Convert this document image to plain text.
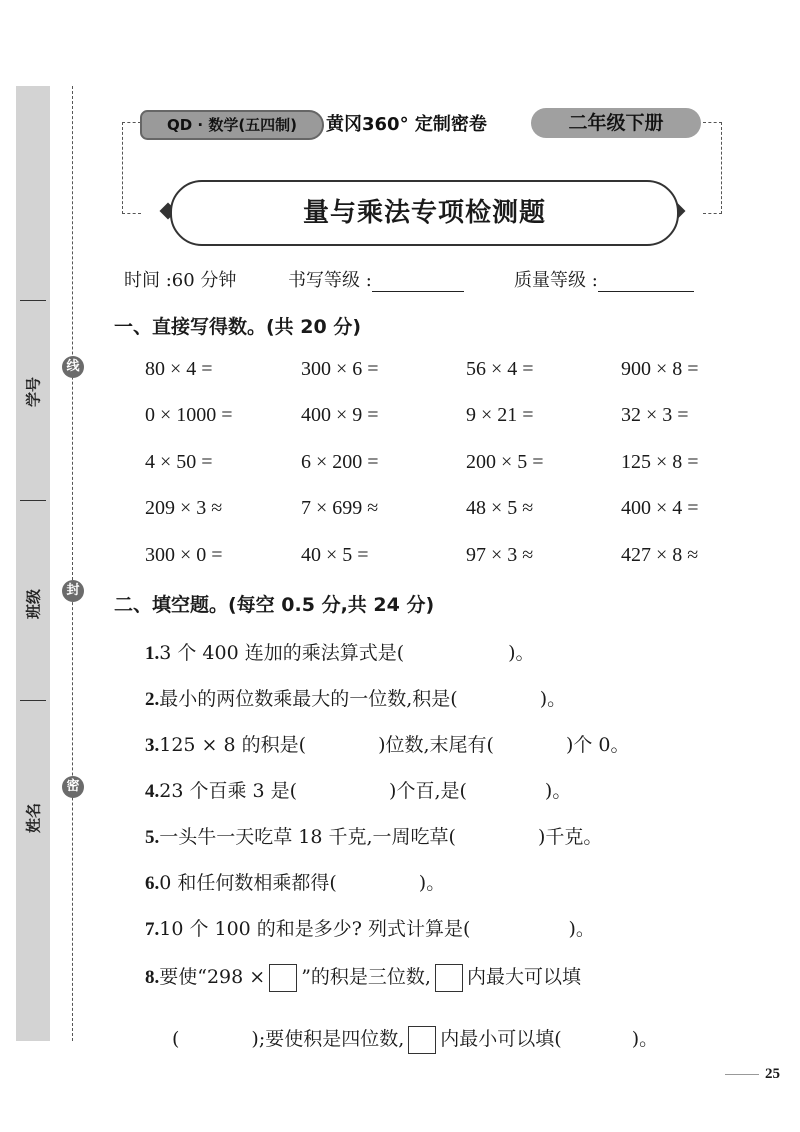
学号
班级
姓名
线
封
密
QD · 数学(五四制)	黄冈360° 定制密卷	二年级下册
量与乘法专项检测题
时间 :60 分钟	书写等级 :	质量等级 :
一、直接写得数。(共 20 分)
80 × 4 =	300 × 6 =	56 × 4 =	900 × 8 =
0 × 1000 =	400 × 9 =	9 × 21 =	32 × 3 =
4 × 50 =	6 × 200 =	200 × 5 =	125 × 8 =
209 × 3 ≈	7 × 699 ≈	48 × 5 ≈	400 × 4 =
300 × 0 =	40 × 5 =	97 × 3 ≈	427 × 8 ≈
二、填空题。(每空 0.5 分,共 24 分)
1.3 个 400 连加的乘法算式是(	)。
2.最小的两位数乘最大的一位数,积是(	)。
3.125 × 8 的积是(	)位数,末尾有(	)个 0。
4.23 个百乘 3 是(	)个百,是(	)。
5.一头牛一天吃草 18 千克,一周吃草(	)千克。
6.0 和任何数相乘都得(	)。
7.10 个 100 的和是多少? 列式计算是(	)。
8.要使“298 × ”的积是三位数, 内最大可以填
(	);要使积是四位数, 内最小可以填(	)。
25
